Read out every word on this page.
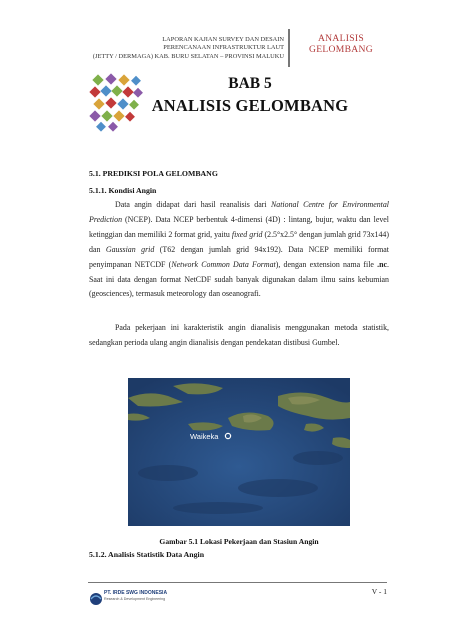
LAPORAN KAJIAN SURVEY DAN DESAIN
PERENCANAAN INFRASTRUKTUR LAUT
(JETTY / DERMAGA) KAB. BURU SELATAN – PROVINSI MALUKU
ANALISIS
GELOMBANG
BAB 5
ANALISIS GELOMBANG
5.1. PREDIKSI POLA GELOMBANG
5.1.1. Kondisi Angin

Data angin didapat dari hasil reanalisis dari National Centre for Environmental Prediction (NCEP). Data NCEP berbentuk 4-dimensi (4D) : lintang, bujur, waktu dan level ketinggian dan memiliki 2 format grid, yaitu fixed grid (2.5°x2.5° dengan jumlah grid 73x144) dan Gaussian grid (T62 dengan jumlah grid 94x192). Data NCEP memiliki format penyimpanan NETCDF (Network Common Data Format), dengan extension nama file .nc. Saat ini data dengan format NetCDF sudah banyak digunakan dalam ilmu sains kebumian (geosciences), termasuk meteorology dan oseanografi.

Pada pekerjaan ini karakteristik angin dianalisis menggunakan metoda statistik, sedangkan perioda ulang angin dianalisis dengan pendekatan distibusi Gumbel.

Waikeka
Gambar 5.1 Lokasi Pekerjaan dan Stasiun Angin
5.1.2. Analisis Statistik Data Angin
PT. IRDE SWG INDONESIA
Research & Development Engineering
V - 1
